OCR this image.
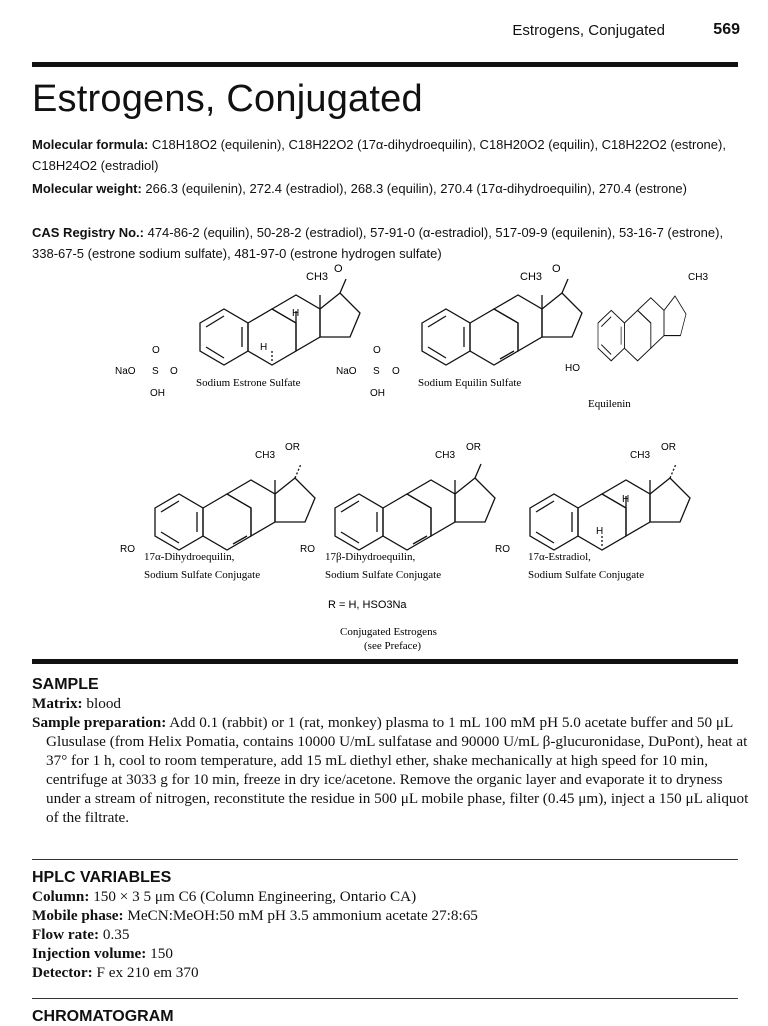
Estrogens, Conjugated	569
Estrogens, Conjugated
Molecular formula: C18H18O2 (equilenin), C18H22O2 (17α-dihydroequilin), C18H20O2 (equilin), C18H22O2 (estrone), C18H24O2 (estradiol)
Molecular weight: 266.3 (equilenin), 272.4 (estradiol), 268.3 (equilin), 270.4 (17α-dihydroequilin), 270.4 (estrone)
CAS Registry No.: 474-86-2 (equilin), 50-28-2 (estradiol), 57-91-0 (α-estradiol), 517-09-9 (equilenin), 53-16-7 (estrone), 338-67-5 (estrone sodium sulfate), 481-97-0 (estrone hydrogen sulfate)
CH3
O
H
H
NaO S
O
O
OH
Sodium Estrone Sulfate
CH3
O
NaO S
O
O
OH
Sodium Equilin Sulfate
HO
CH3
Equilenin
CH3
OR
RO
17α-Dihydroequilin,
Sodium Sulfate Conjugate
CH3
OR
RO
17β-Dihydroequilin,
Sodium Sulfate Conjugate
CH3
OR
H
H
RO
17α-Estradiol,
Sodium Sulfate Conjugate
R = H, HSO3Na
Conjugated Estrogens
(see Preface)
SAMPLE
Matrix: blood
Sample preparation: Add 0.1 (rabbit) or 1 (rat, monkey) plasma to 1 mL 100 mM pH 5.0 acetate buffer and 50 μL Glusulase (from Helix Pomatia, contains 10000 U/mL sulfatase and 90000 U/mL β-glucuronidase, DuPont), heat at 37° for 1 h, cool to room temperature, add 15 mL diethyl ether, shake mechanically at high speed for 10 min, centrifuge at 3033 g for 10 min, freeze in dry ice/acetone. Remove the organic layer and evaporate it to dryness under a stream of nitrogen, reconstitute the residue in 500 μL mobile phase, filter (0.45 μm), inject a 150 μL aliquot of the filtrate.
HPLC VARIABLES
Column: 150 × 3 5 μm C6 (Column Engineering, Ontario CA)
Mobile phase: MeCN:MeOH:50 mM pH 3.5 ammonium acetate 27:8:65
Flow rate: 0.35
Injection volume: 150
Detector: F ex 210 em 370
CHROMATOGRAM
